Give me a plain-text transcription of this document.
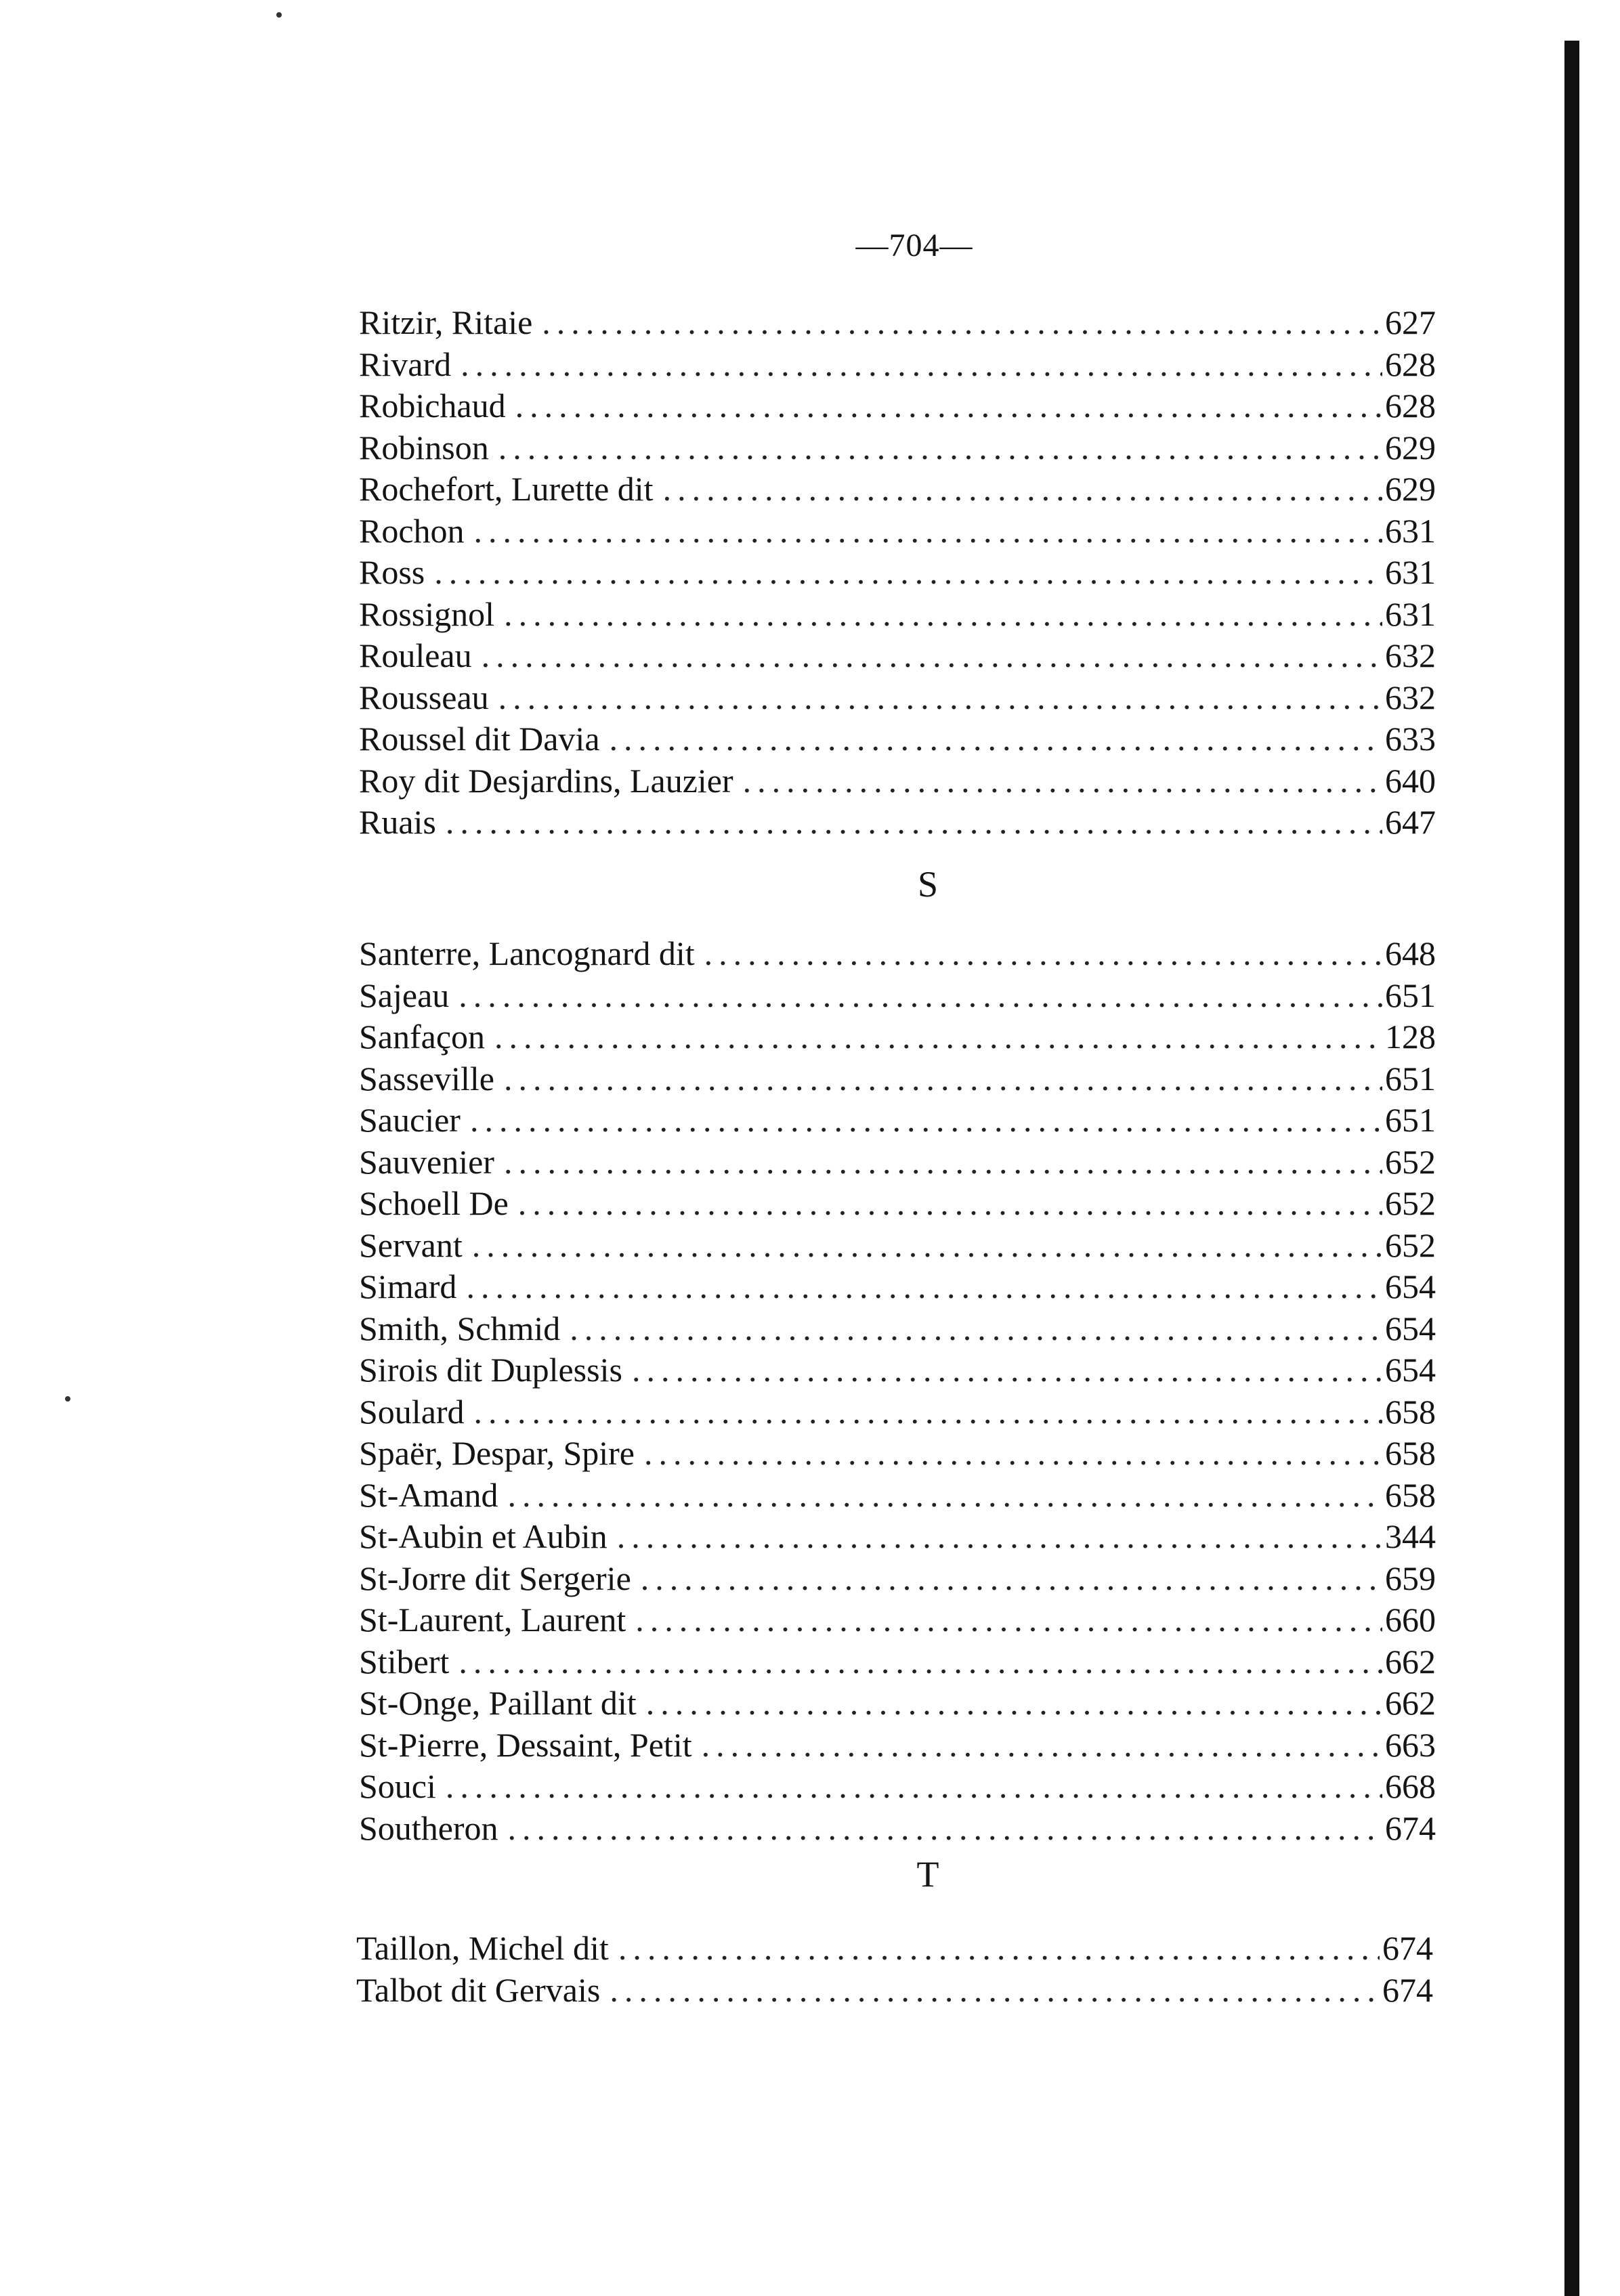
—704—
Ritzir, Ritaie .....	627
Rivard .....	628
Robichaud .....	628
Robinson .....	629
Rochefort, Lurette dit .....	629
Rochon .....	631
Ross .....	631
Rossignol .....	631
Rouleau .....	632
Rousseau .....	632
Roussel dit Davia .....	633
Roy dit Desjardins, Lauzier .....	640
Ruais .....	647
S
Santerre, Lancognard dit .....	648
Sajeau .....	651
Sanfaçon .....	128
Sasseville .....	651
Saucier .....	651
Sauvenier .....	652
Schoell De .....	652
Servant .....	652
Simard .....	654
Smith, Schmid .....	654
Sirois dit Duplessis .....	654
Soulard .....	658
Spaër, Despar, Spire .....	658
St-Amand .....	658
St-Aubin et Aubin .....	344
St-Jorre dit Sergerie .....	659
St-Laurent, Laurent .....	660
Stibert .....	662
St-Onge, Paillant dit .....	662
St-Pierre, Dessaint, Petit .....	663
Souci .....	668
Southeron .....	674
T
Taillon, Michel dit .....	674
Talbot dit Gervais .....	674
